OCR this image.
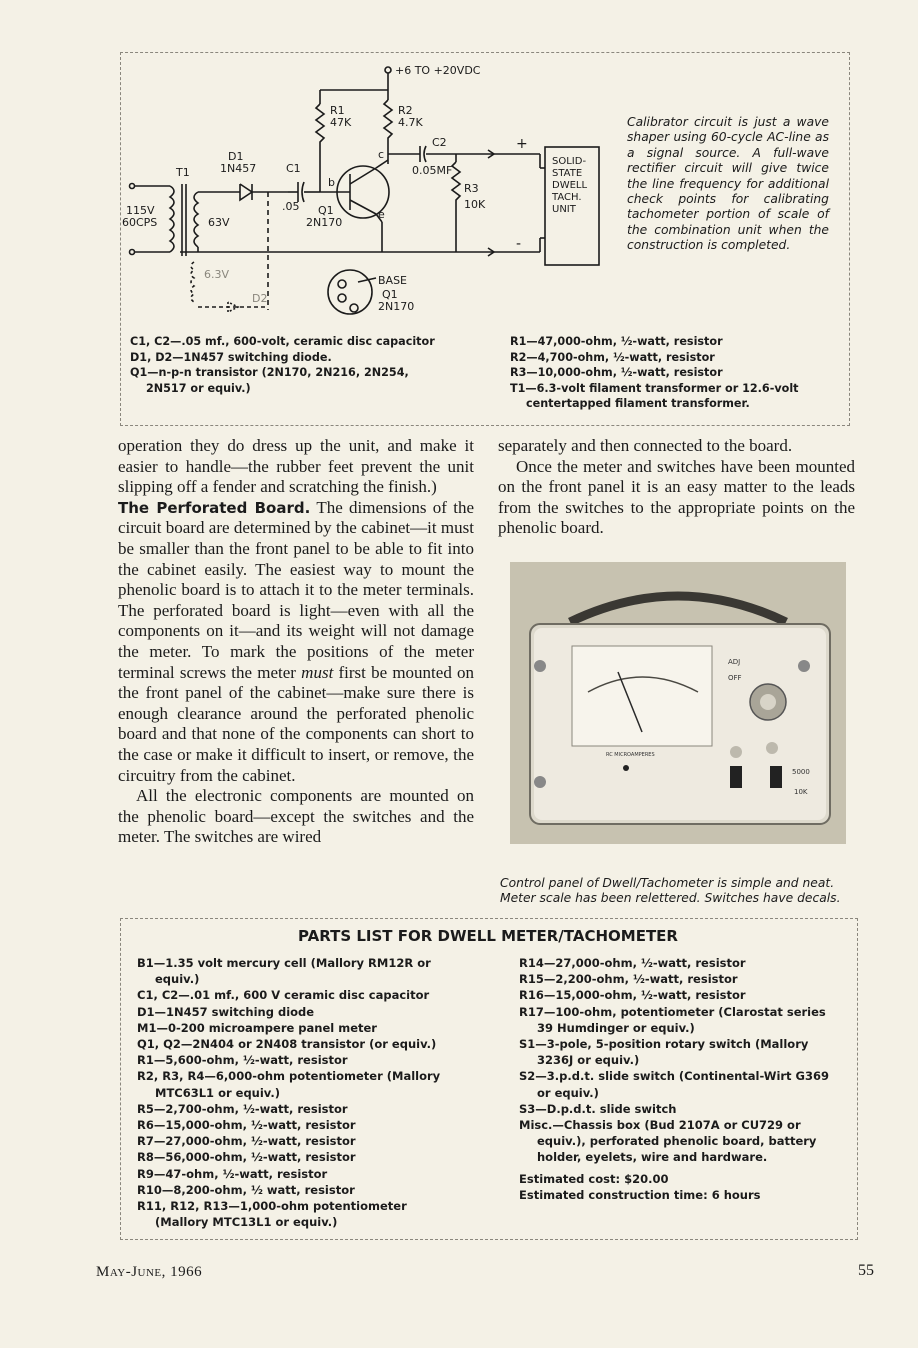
+6 TO +20VDC
R1
47K
R2
4.7K
C2
0.05MF
D1
1N457	C1
.05
T1
115V
60CPS	63V
6.3V
Q1
2N170
b
c
e
R3
10K
+
-
SOLID-
STATE
DWELL
TACH.
UNIT
BASE
Q1
2N170
D2
Calibrator circuit is just a wave shaper using 60-cycle AC-line as a signal source. A full-wave rectifier circuit will give twice the line frequency for additional check points for calibrating tachometer portion of scale of the combination unit when the construction is completed.
C1, C2—.05 mf., 600-volt, ceramic disc capacitor
D1, D2—1N457 switching diode.
Q1—n-p-n transistor (2N170, 2N216, 2N254, 2N517 or equiv.)
R1—47,000-ohm, ½-watt, resistor
R2—4,700-ohm, ½-watt, resistor
R3—10,000-ohm, ½-watt, resistor
T1—6.3-volt filament transformer or 12.6-volt centertapped filament transformer.

operation they do dress up the unit, and make it easier to handle—the rubber feet prevent the unit slipping off a fender and scratching the finish.)

The Perforated Board. The dimensions of the circuit board are determined by the cabinet—it must be smaller than the front panel to be able to fit into the cabinet easily. The easiest way to mount the phenolic board is to attach it to the meter terminals. The perforated board is light—even with all the components on it—and its weight will not damage the meter. To mark the positions of the meter terminal screws the meter must first be mounted on the front panel of the cabinet—make sure there is enough clearance around the perforated phenolic board and that none of the components can short to the case or make it difficult to insert, or remove, the circuitry from the cabinet.

All the electronic components are mounted on the phenolic board—except the switches and the meter. The switches are wired

separately and then connected to the board.

Once the meter and switches have been mounted on the front panel it is an easy matter to the leads from the switches to the appropriate points on the phenolic board.

RC MICROAMPERES
ADJ
OFF
5000
10K
Control panel of Dwell/Tachometer is simple and neat. Meter scale has been relettered. Switches have decals.
PARTS LIST FOR DWELL METER/TACHOMETER
B1—1.35 volt mercury cell (Mallory RM12R or equiv.)
C1, C2—.01 mf., 600 V ceramic disc capacitor
D1—1N457 switching diode
M1—0-200 microampere panel meter
Q1, Q2—2N404 or 2N408 transistor (or equiv.)
R1—5,600-ohm, ½-watt, resistor
R2, R3, R4—6,000-ohm potentiometer (Mallory MTC63L1 or equiv.)
R5—2,700-ohm, ½-watt, resistor
R6—15,000-ohm, ½-watt, resistor
R7—27,000-ohm, ½-watt, resistor
R8—56,000-ohm, ½-watt, resistor
R9—47-ohm, ½-watt, resistor
R10—8,200-ohm, ½ watt, resistor
R11, R12, R13—1,000-ohm potentiometer (Mallory MTC13L1 or equiv.)
R14—27,000-ohm, ½-watt, resistor
R15—2,200-ohm, ½-watt, resistor
R16—15,000-ohm, ½-watt, resistor
R17—100-ohm, potentiometer (Clarostat series 39 Humdinger or equiv.)
S1—3-pole, 5-position rotary switch (Mallory 3236J or equiv.)
S2—3.p.d.t. slide switch (Continental-Wirt G369 or equiv.)
S3—D.p.d.t. slide switch
Misc.—Chassis box (Bud 2107A or CU729 or equiv.), perforated phenolic board, battery holder, eyelets, wire and hardware.
Estimated cost: $20.00
Estimated construction time: 6 hours
May-June, 1966	55
